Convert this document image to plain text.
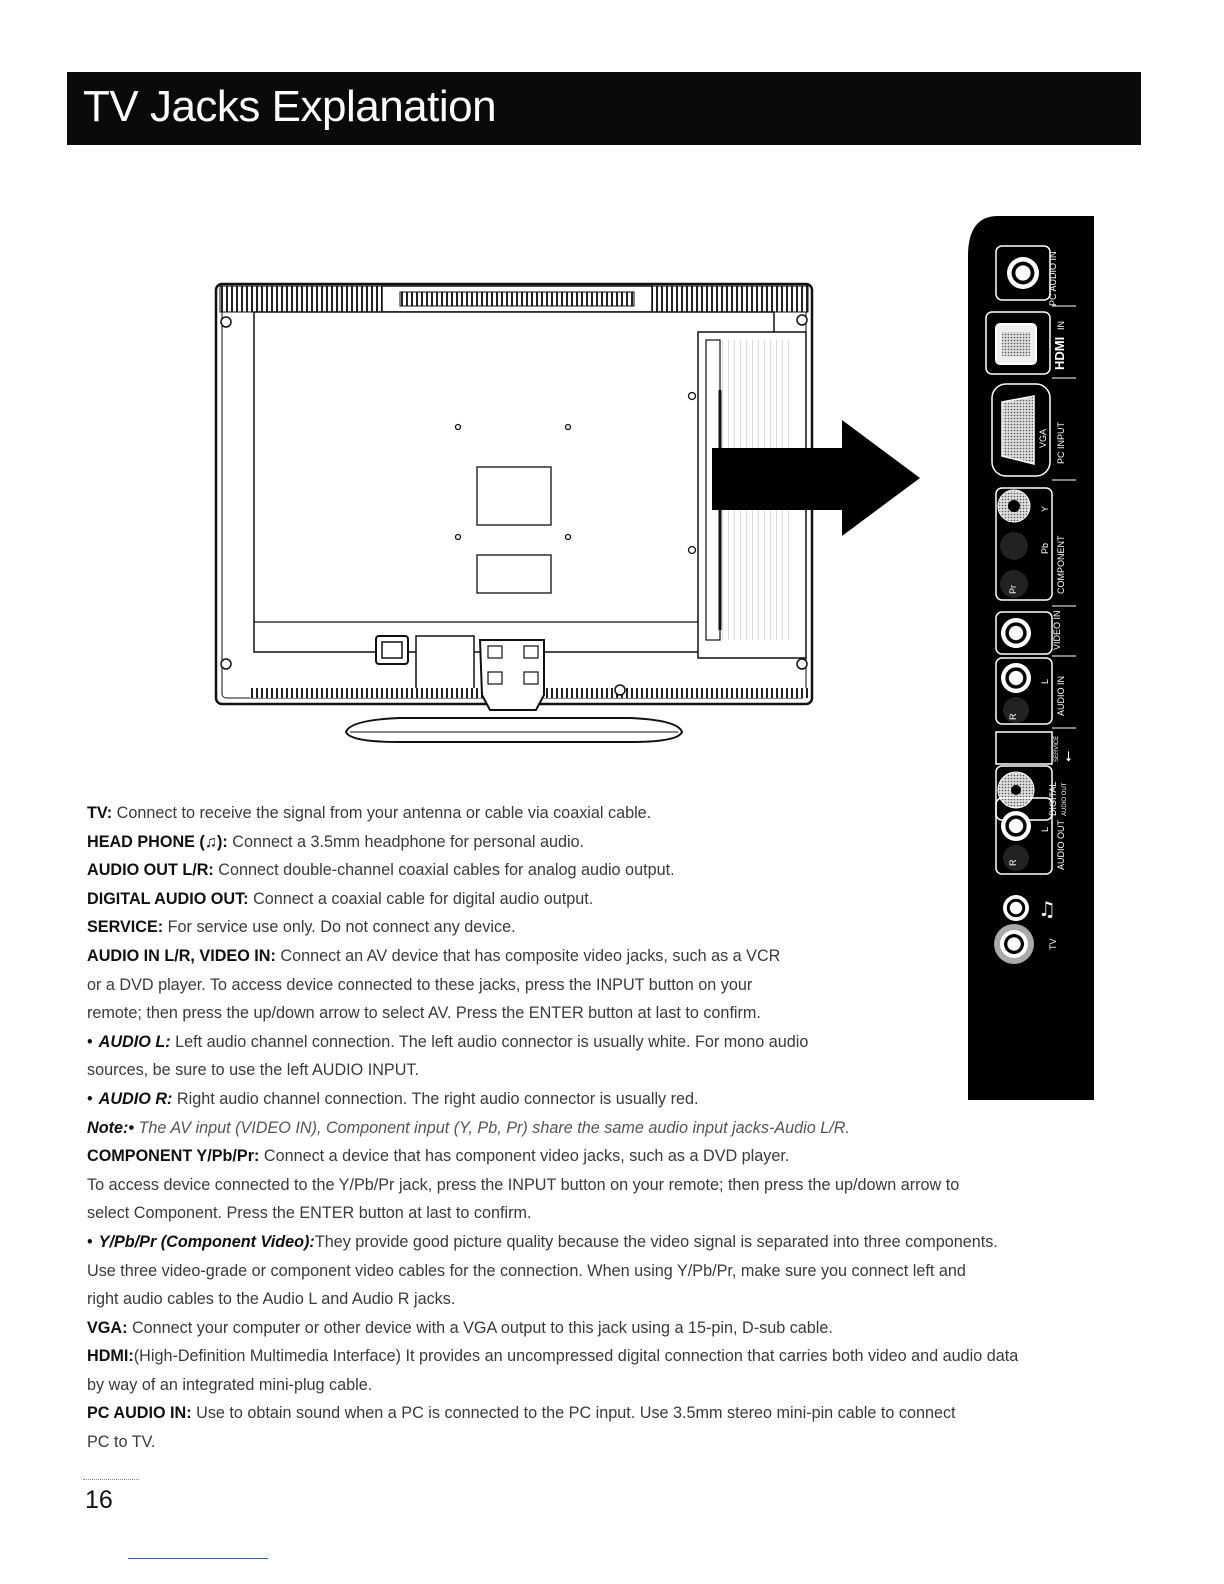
TV Jacks Explanation
PC AUDIO IN
HDMI
IN
VGA PC INPUT
Y
Pb
Pr	COMPONENT
VIDEO IN
L
R
AUDIO IN
SERVICE ⭠
DIGITAL AUDIO OUT
L
R	AUDIO OUT
♫
TV

TV: Connect to receive the signal from your antenna or cable via coaxial cable.

HEAD PHONE (♫): Connect a 3.5mm headphone for personal audio.

AUDIO OUT L/R: Connect double-channel coaxial cables for analog audio output.

DIGITAL AUDIO OUT: Connect a coaxial cable for digital audio output.

SERVICE: For service use only. Do not connect any device.

AUDIO IN L/R, VIDEO IN: Connect an AV device that has composite video jacks, such as a VCR

or a DVD player. To access device connected to these jacks, press the INPUT button on your

remote; then press the up/down arrow to select AV. Press the ENTER button at last to confirm.

• AUDIO L: Left audio channel connection. The left audio connector is usually white. For mono audio

sources, be sure to use the left AUDIO INPUT.

• AUDIO R: Right audio channel connection. The right audio connector is usually red.

Note:• The AV input (VIDEO IN), Component input (Y, Pb, Pr) share the same audio input jacks-Audio L/R.

COMPONENT Y/Pb/Pr: Connect a device that has component video jacks, such as a DVD player.

To access device connected to the Y/Pb/Pr jack, press the INPUT button on your remote; then press the up/down arrow to

select Component. Press the ENTER button at last to confirm.

• Y/Pb/Pr (Component Video):They provide good picture quality because the video signal is separated into three components.

Use three video-grade or component video cables for the connection. When using Y/Pb/Pr, make sure you connect left and

right audio cables to the Audio L and Audio R jacks.

VGA: Connect your computer or other device with a VGA output to this jack using a 15-pin, D-sub cable.

HDMI:(High-Definition Multimedia Interface) It provides an uncompressed digital connection that carries both video and audio data

by way of an integrated mini-plug cable.

PC AUDIO IN: Use to obtain sound when a PC is connected to the PC input. Use 3.5mm stereo mini-pin cable to connect

PC to TV.

16
